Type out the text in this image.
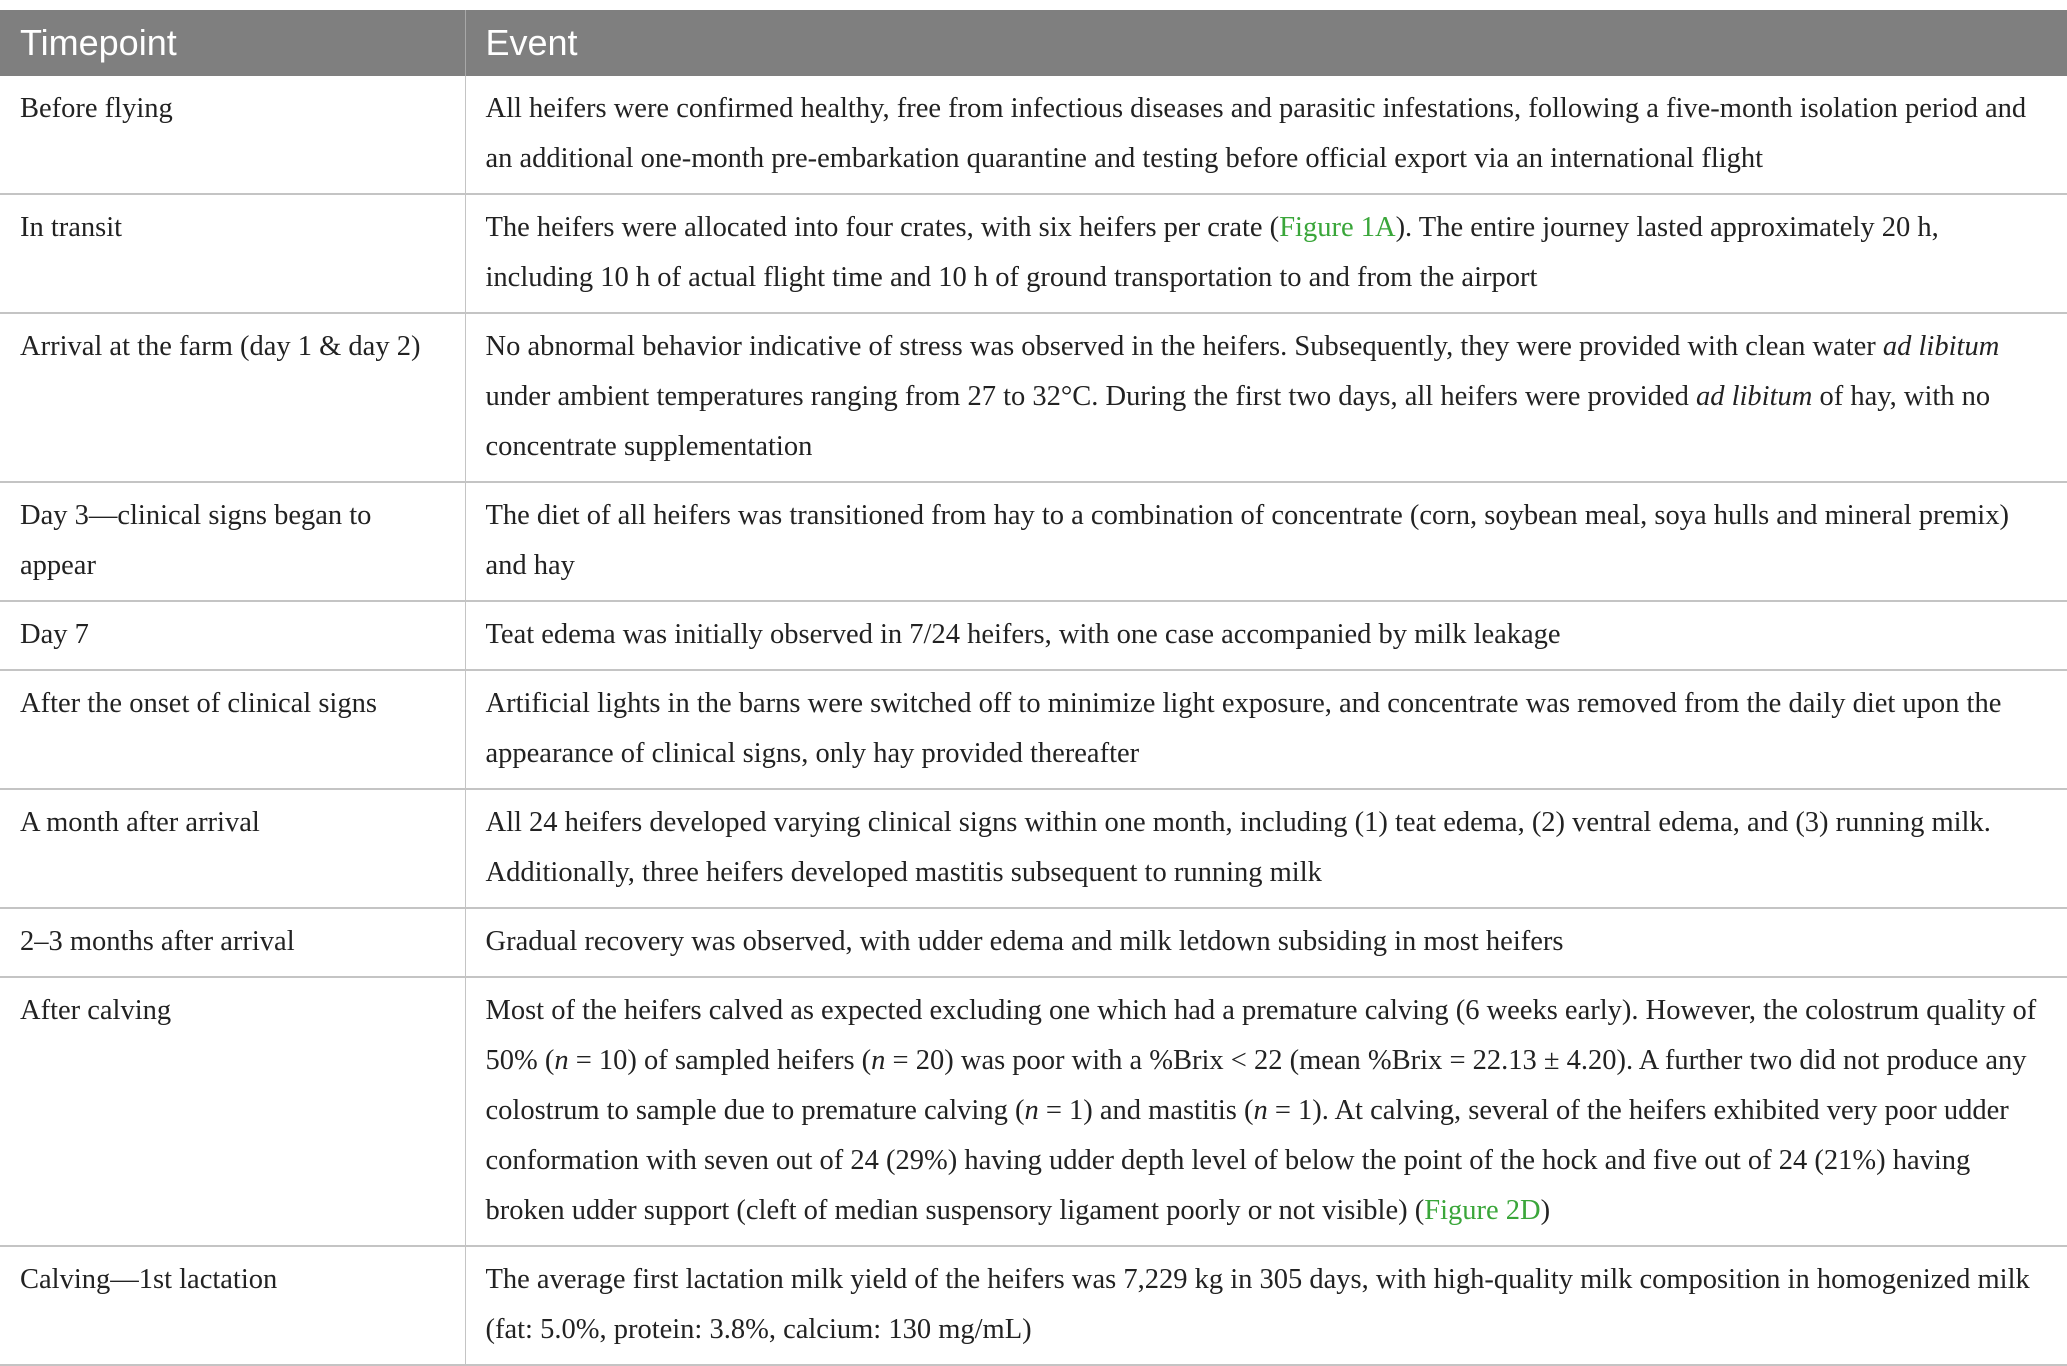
Timepoint	Event
Before flying	All heifers were confirmed healthy, free from infectious diseases and parasitic infestations, following a five-month isolation period and an additional one-month pre-embarkation quarantine and testing before official export via an international flight
In transit	The heifers were allocated into four crates, with six heifers per crate (Figure 1A). The entire journey lasted approximately 20 h, including 10 h of actual flight time and 10 h of ground transportation to and from the airport
Arrival at the farm (day 1 & day 2)	No abnormal behavior indicative of stress was observed in the heifers. Subsequently, they were provided with clean water ad libitum under ambient temperatures ranging from 27 to 32°C. During the first two days, all heifers were provided ad libitum of hay, with no concentrate supplementation
Day 3—clinical signs began to appear	The diet of all heifers was transitioned from hay to a combination of concentrate (corn, soybean meal, soya hulls and mineral premix) and hay
Day 7	Teat edema was initially observed in 7/24 heifers, with one case accompanied by milk leakage
After the onset of clinical signs	Artificial lights in the barns were switched off to minimize light exposure, and concentrate was removed from the daily diet upon the appearance of clinical signs, only hay provided thereafter
A month after arrival	All 24 heifers developed varying clinical signs within one month, including (1) teat edema, (2) ventral edema, and (3) running milk. Additionally, three heifers developed mastitis subsequent to running milk
2–3 months after arrival	Gradual recovery was observed, with udder edema and milk letdown subsiding in most heifers
After calving	Most of the heifers calved as expected excluding one which had a premature calving (6 weeks early). However, the colostrum quality of 50% (n = 10) of sampled heifers (n = 20) was poor with a %Brix < 22 (mean %Brix = 22.13 ± 4.20). A further two did not produce any colostrum to sample due to premature calving (n = 1) and mastitis (n = 1). At calving, several of the heifers exhibited very poor udder conformation with seven out of 24 (29%) having udder depth level of below the point of the hock and five out of 24 (21%) having broken udder support (cleft of median suspensory ligament poorly or not visible) (Figure 2D)
Calving—1st lactation	The average first lactation milk yield of the heifers was 7,229 kg in 305 days, with high-quality milk composition in homogenized milk (fat: 5.0%, protein: 3.8%, calcium: 130 mg/mL)
